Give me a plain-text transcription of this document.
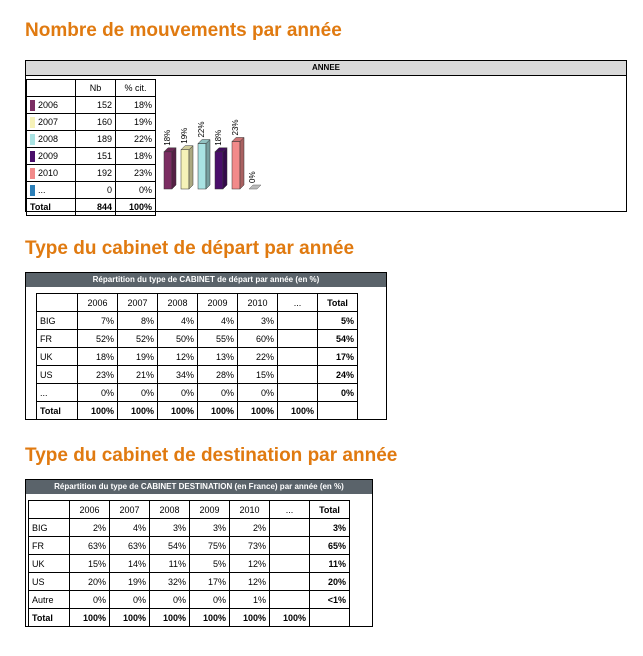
Nombre de mouvements par année
ANNEE
	Nb	% cit.
2006	152	18%
2007	160	19%
2008	189	22%
2009	151	18%
2010	192	23%
...	0	0%
Total	844	100%
18% 19% 22%
18%
23%
0%
Type du cabinet de départ par année
Répartition du type de CABINET de départ par année (en %)
	2006	2007	2008	2009	2010	...	Total
BIG	7%	8%	4%	4%	3%		5%
FR	52%	52%	50%	55%	60%		54%
UK	18%	19%	12%	13%	22%		17%
US	23%	21%	34%	28%	15%		24%
...	0%	0%	0%	0%	0%		0%
Total	100%	100%	100%	100%	100%	100%	
Type du cabinet de destination par année
Répartition du type de CABINET DESTINATION (en France) par année (en %)
	2006	2007	2008	2009	2010	...	Total
BIG	2%	4%	3%	3%	2%		3%
FR	63%	63%	54%	75%	73%		65%
UK	15%	14%	11%	5%	12%		11%
US	20%	19%	32%	17%	12%		20%
Autre	0%	0%	0%	0%	1%		<1%
Total	100%	100%	100%	100%	100%	100%	
